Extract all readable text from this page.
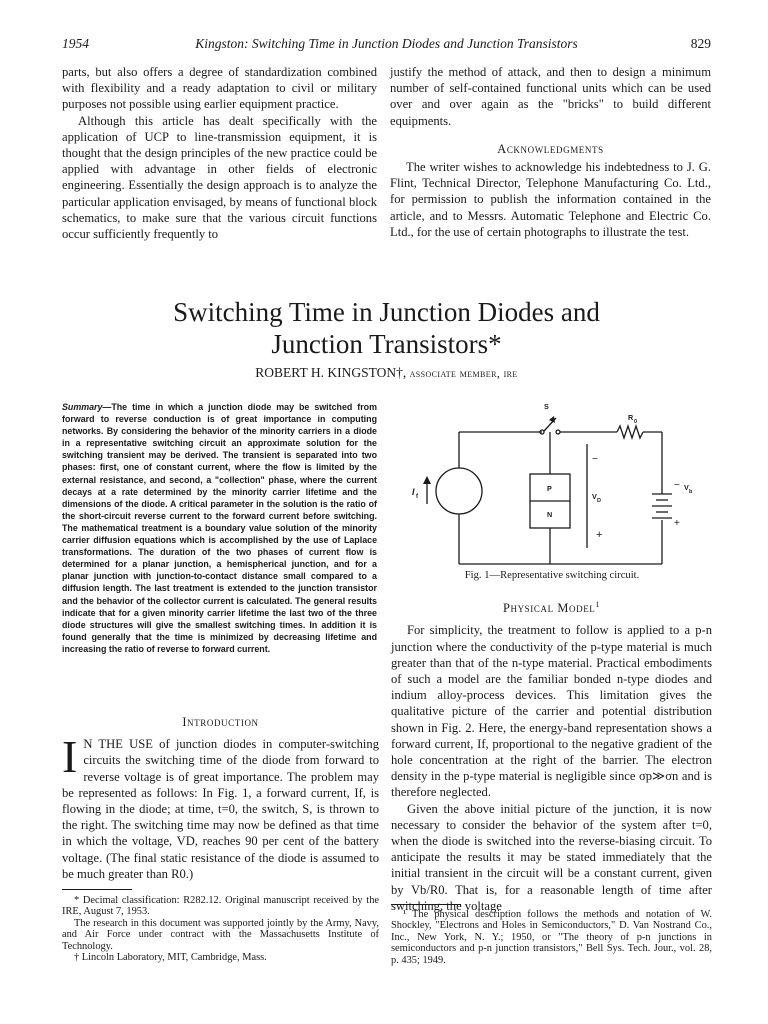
1954	Kingston: Switching Time in Junction Diodes and Junction Transistors	829

parts, but also offers a degree of standardization combined with flexibility and a ready adaptation to civil or military purposes not possible using earlier equipment practice.

Although this article has dealt specifically with the application of UCP to line-transmission equipment, it is thought that the design principles of the new practice could be applied with advantage in other fields of electronic engineering. Essentially the design approach is to analyze the particular application envisaged, by means of functional block schematics, to make sure that the various circuit functions occur sufficiently frequently to

justify the method of attack, and then to design a minimum number of self-contained functional units which can be used over and over again as the "bricks" to build different equipments.

Acknowledgments

The writer wishes to acknowledge his indebtedness to J. G. Flint, Technical Director, Telephone Manufacturing Co. Ltd., for permission to publish the information contained in the article, and to Messrs. Automatic Telephone and Electric Co. Ltd., for the use of certain photographs to illustrate the test.

Switching Time in Junction Diodes and
Junction Transistors*
ROBERT H. KINGSTON†, associate member, ire
Summary—The time in which a junction diode may be switched from forward to reverse conduction is of great importance in computing networks. By considering the behavior of the minority carriers in a diode in a representative switching circuit an approximate solution for the switching transient may be derived. The transient is separated into two phases: first, one of constant current, where the flow is limited by the external resistance, and second, a "collection" phase, where the current decays at a rate determined by the minority carrier lifetime and the dimensions of the diode. A critical parameter in the solution is the ratio of the short-circuit reverse current to the forward current before switching. The mathematical treatment is a boundary value solution of the minority carrier diffusion equations which is accomplished by the use of Laplace transformations. The duration of the two phases of current flow is determined for a planar junction, a hemispherical junction, and for a planar junction with junction-to-contact distance small compared to a diffusion length. The last treatment is extended to the junction transistor and the behavior of the collector current is calculated. The general results indicate that for a given minority carrier lifetime the last two of the three diode structures will give the smallest switching times. In addition it is found generally that the time is minimized by decreasing lifetime and increasing the ratio of reverse to forward current.
Introduction

I N THE USE of junction diodes in computer-switching circuits the switching time of the diode from forward to reverse voltage is of great importance. The problem may be represented as follows: In Fig. 1, a forward current, If, is flowing in the diode; at time, t=0, the switch, S, is thrown to the right. The switching time may now be defined as that time in which the voltage, VD, reaches 90 per cent of the battery voltage. (The final static resistance of the diode is assumed to be much greater than R0.)

* Decimal classification: R282.12. Original manuscript received by the IRE, August 7, 1953.

The research in this document was supported jointly by the Army, Navy, and Air Force under contract with the Massachusetts Institute of Technology.

† Lincoln Laboratory, MIT, Cambridge, Mass.

S
R 0
I f
P
N
V D
V b
−
−
+
+
Fig. 1—Representative switching circuit.
Physical Model$^1$

For simplicity, the treatment to follow is applied to a p-n junction where the conductivity of the p-type material is much greater than that of the n-type material. Practical embodiments of such a model are the familiar bonded n-type diodes and indium alloy-process devices. This limitation gives the qualitative picture of the carrier and potential distribution shown in Fig. 2. Here, the energy-band representation shows a forward current, If, proportional to the negative gradient of the hole concentration at the right of the barrier. The electron density in the p-type material is negligible since σp≫σn and is therefore neglected.

Given the above initial picture of the junction, it is now necessary to consider the behavior of the system after t=0, when the diode is switched into the reverse-biasing circuit. To anticipate the results it may be stated immediately that the initial transient in the circuit will be a constant current, given by Vb/R0. That is, for a reasonable length of time after switching, the voltage

¹ The physical description follows the methods and notation of W. Shockley, "Electrons and Holes in Semiconductors," D. Van Nostrand Co., Inc., New York, N. Y.; 1950, or "The theory of p-n junctions in semiconductors and p-n junction transistors," Bell Sys. Tech. Jour., vol. 28, p. 435; 1949.
